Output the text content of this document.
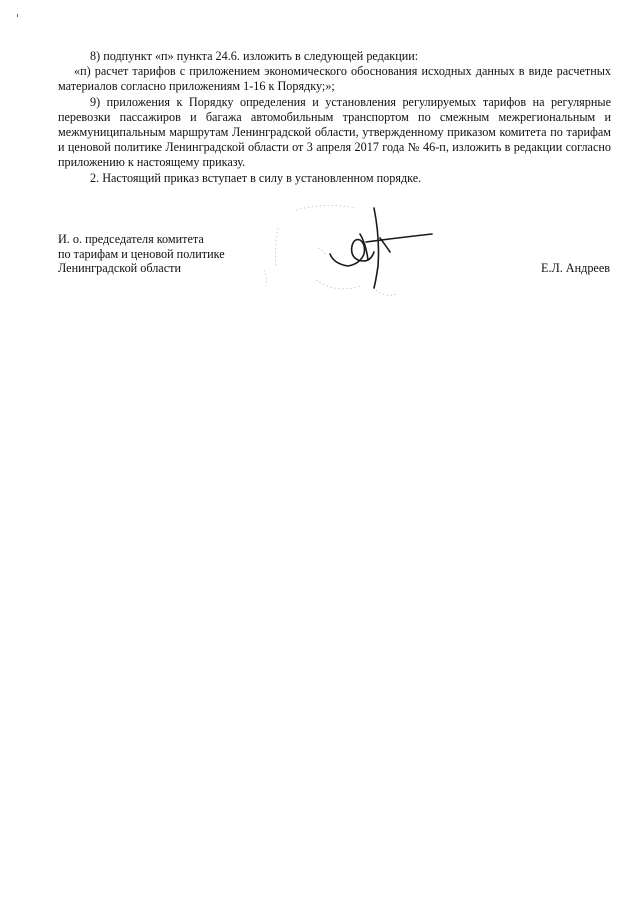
8) подпункт «п» пункта 24.6. изложить в следующей редакции:

«п) расчет тарифов с приложением экономического обоснования исходных данных в виде расчетных материалов согласно приложениям 1-16 к Порядку;»;

9) приложения к Порядку определения и установления регулируемых тарифов на регулярные перевозки пассажиров и багажа автомобильным транспортом по смежным межрегиональным и межмуниципальным маршрутам Ленинградской области, утвержденному приказом комитета по тарифам и ценовой политике Ленинградской области от 3 апреля 2017 года № 46-п, изложить в редакции согласно приложению к настоящему приказу.

2. Настоящий приказ вступает в силу в установленном порядке.

И. о. председателя комитета
по тарифам и ценовой политике
Ленинградской области	Е.Л. Андреев
